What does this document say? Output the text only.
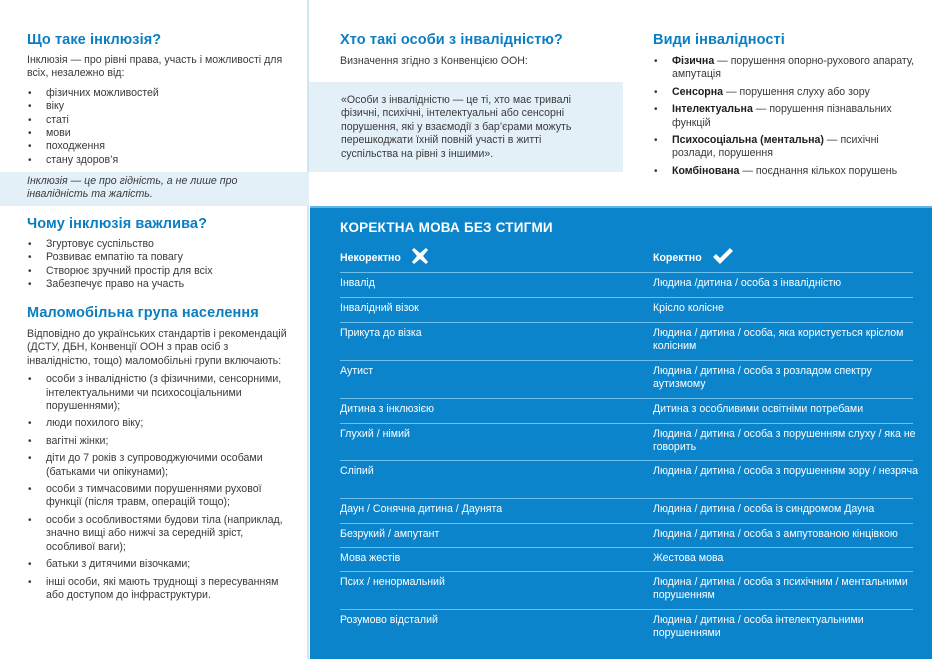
Що таке інклюзія?
Інклюзія — про рівні права, участь і можливості для всіх, незалежно від:
• фізичних можливостей
• віку
• статі
• мови
• походження
• стану здоров’я
Інклюзія — це про гідність, а не лише про інвалідність та жалість.
Чому інклюзія важлива?
• Згуртовує суспільство
• Розвиває емпатію та повагу
• Створює зручний простір для всіх
• Забезпечує право на участь
Маломобільна група населення
Відповідно до українських стандартів і рекомендацій (ДСТУ, ДБН, Конвенції ООН з прав осіб з інвалідністю, тощо) маломобільні групи включають:
• особи з інвалідністю (з фізичними, сенсорними, інтелектуальними чи психосоціальними порушеннями);
• люди похилого віку;
• вагітні жінки;
• діти до 7 років з супроводжуючими особами (батьками чи опікунами);
• особи з тимчасовими порушеннями рухової функції (після травм, операцій тощо);
• особи з особливостями будови тіла (наприклад, значно вищі або нижчі за середній зріст, особливої ваги);
• батьки з дитячими візочками;
• інші особи, які мають труднощі з пересуванням або доступом до інфраструктури.
Хто такі особи з інвалідністю?
Визначення згідно з Конвенцією ООН:
«Особи з інвалідністю — це ті, хто має тривалі фізичні, психічні, інтелектуальні або сенсорні порушення, які у взаємодії з бар’єрами можуть перешкоджати їхній повній участі в житті суспільства на рівні з іншими».
Види інвалідності
• Фізична — порушення опорно-рухового апарату, ампутація
• Сенсорна — порушення слуху або зору
• Інтелектуальна — порушення пізнавальних функцій
• Психосоціальна (ментальна) — психічні розлади, порушення
• Комбінована — поєднання кількох порушень
КОРЕКТНА МОВА БЕЗ СТИГМИ
Некоректно	Коректно
Інвалід	Людина /дитина / особа з інвалідністю
Інвалідний візок	Крісло колісне
Прикута до візка	Людина / дитина / особа, яка користується кріслом колісним
Аутист	Людина / дитина / особа з розладом спектру аутизмому
Дитина з інклюзією	Дитина з особливими освітніми потребами
Глухий / німий	Людина / дитина / особа з порушенням слуху / яка не говорить
Сліпий	Людина / дитина / особа з порушенням зору / незряча
Даун / Сонячна дитина / Даунята	Людина / дитина / особа із синдромом Дауна
Безрукий / ампутант	Людина / дитина / особа з ампутованою кінцівкою
Мова жестів	Жестова мова
Псих / ненормальний	Людина / дитина / особа з психічним / ментальними порушенням
Розумово відсталий	Людина / дитина / особа інтелектуальними порушеннями
